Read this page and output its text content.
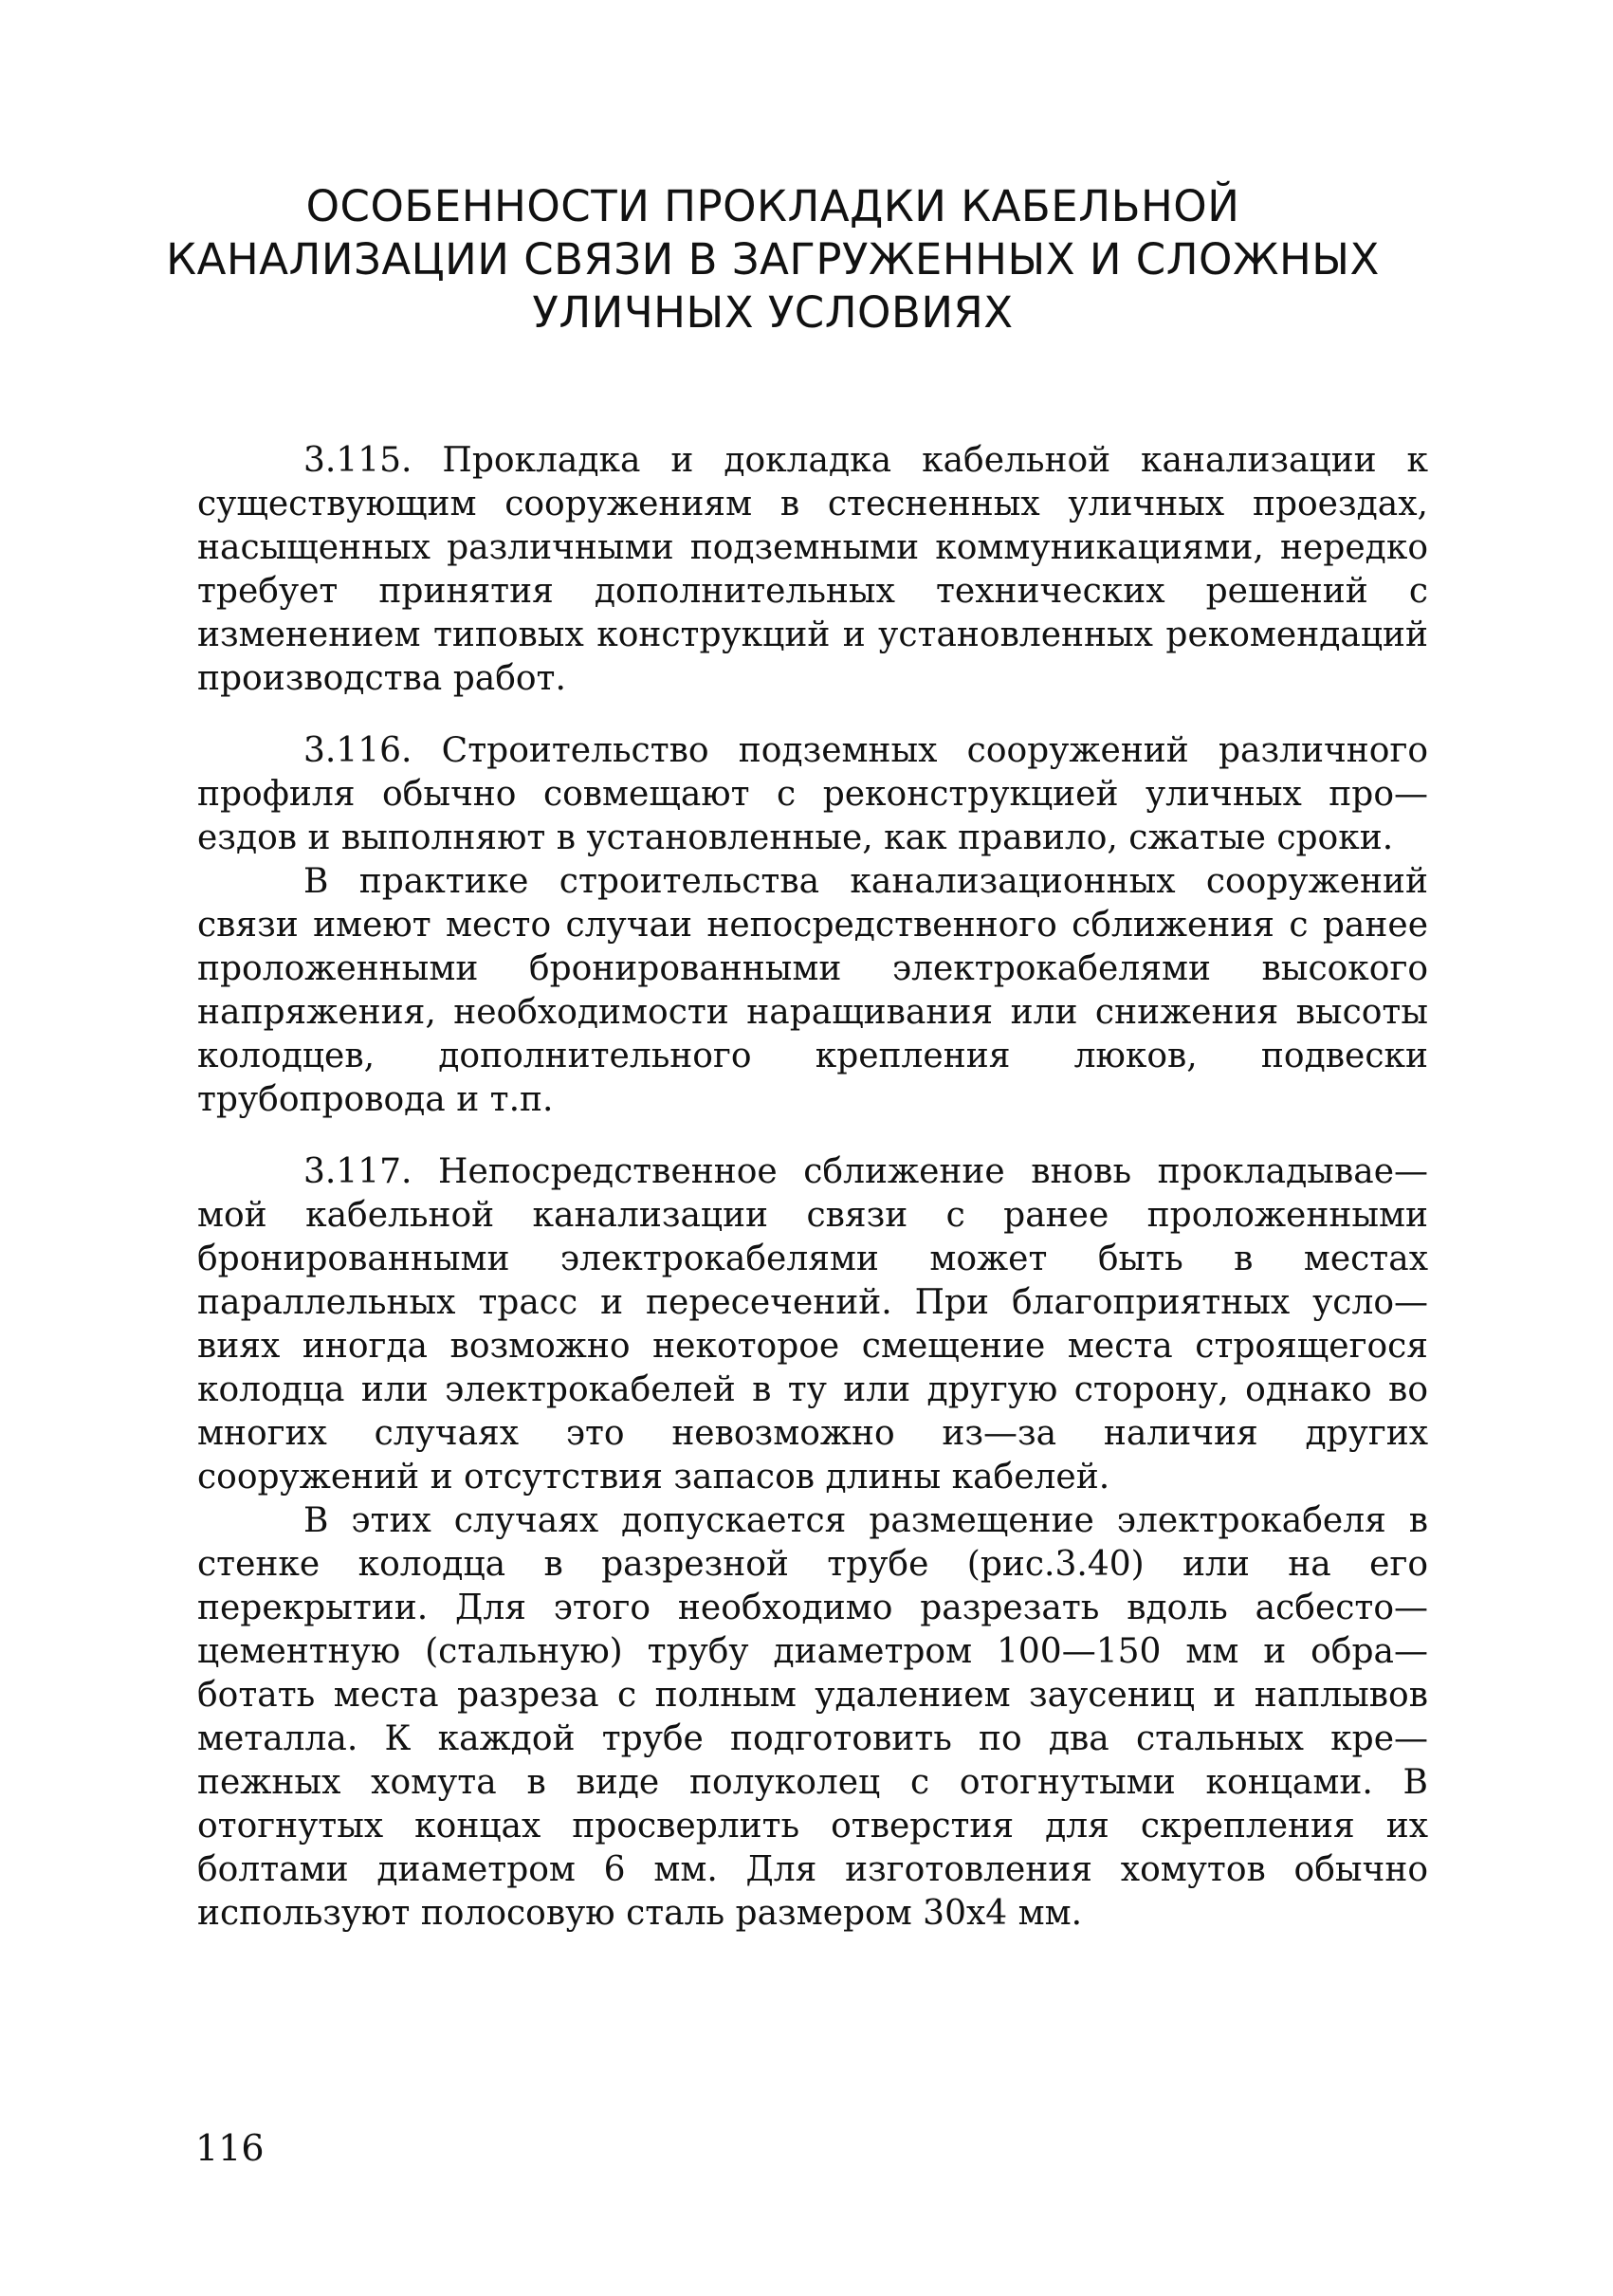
ОСОБЕННОСТИ ПРОКЛАДКИ КАБЕЛЬНОЙ
КАНАЛИЗАЦИИ СВЯЗИ В ЗАГРУЖЕННЫХ И СЛОЖНЫХ
УЛИЧНЫХ УСЛОВИЯХ

3.115. Прокладка и докладка кабельной канализации к существующим сооружениям в стесненных уличных проездах, насыщенных различными подземными коммуникациями, нередко требует принятия дополнительных технических решений с изменением типовых конструкций и установленных рекомендаций производства работ.

3.116. Строительство подземных сооружений различного профиля обычно совмещают с реконструкцией уличных про— ездов и выполняют в установленные, как правило, сжатые сроки.

В практике строительства канализационных сооружений связи имеют место случаи непосредственного сближения с ранее проложенными бронированными электрокабелями высокого напряжения, необходимости наращивания или снижения высоты колодцев, дополнительного крепления люков, подвески трубопровода и т.п.

3.117. Непосредственное сближение вновь прокладывае— мой кабельной канализации связи с ранее проложенными бронированными электрокабелями может быть в местах параллельных трасс и пересечений. При благоприятных усло— виях иногда возможно некоторое смещение места строящегося колодца или электрокабелей в ту или другую сторону, однако во многих случаях это невозможно из—за наличия других сооружений и отсутствия запасов длины кабелей.

В этих случаях допускается размещение электрокабеля в стенке колодца в разрезной трубе (рис.3.40) или на его перекрытии. Для этого необходимо разрезать вдоль асбесто— цементную (стальную) трубу диаметром 100—150 мм и обра— ботать места разреза с полным удалением заусениц и наплывов металла. К каждой трубе подготовить по два стальных кре— пежных хомута в виде полуколец с отогнутыми концами. В отогнутых концах просверлить отверстия для скрепления их болтами диаметром 6 мм. Для изготовления хомутов обычно используют полосовую сталь размером 30х4 мм.

116
